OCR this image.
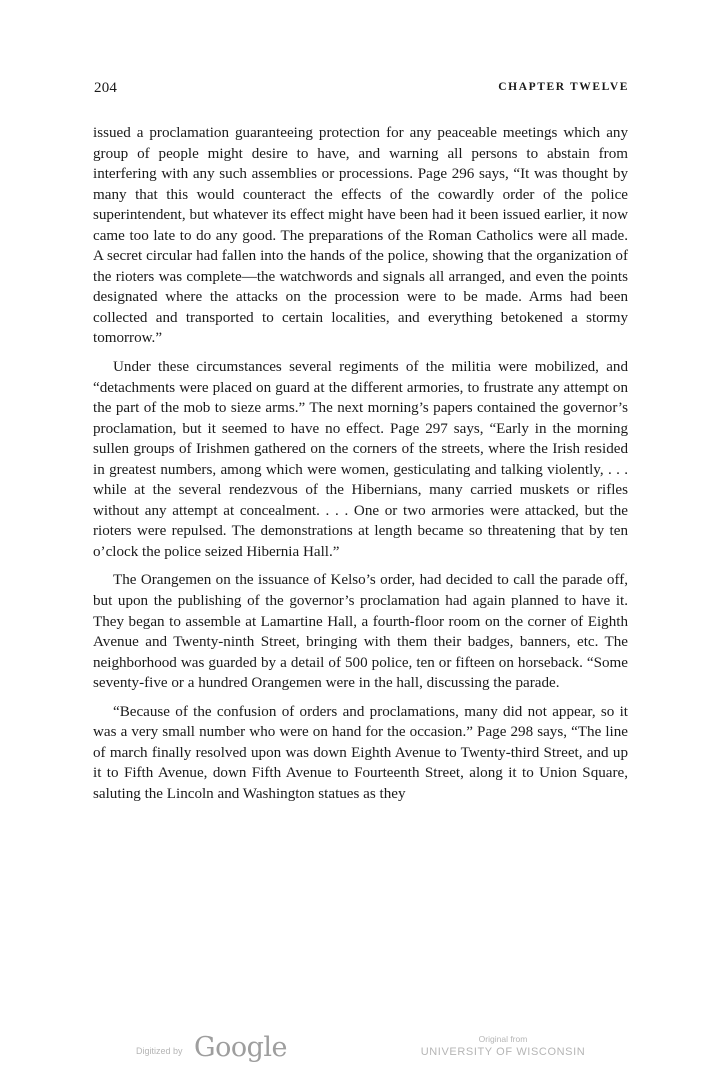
204	CHAPTER TWELVE

issued a proclamation guaranteeing protection for any peaceable meetings which any group of people might desire to have, and warning all persons to abstain from interfering with any such assemblies or processions. Page 296 says, “It was thought by many that this would counteract the effects of the cowardly order of the police superintendent, but whatever its effect might have been had it been issued earlier, it now came too late to do any good. The preparations of the Roman Catholics were all made. A secret circular had fallen into the hands of the police, showing that the organization of the rioters was complete—the watchwords and signals all arranged, and even the points designated where the attacks on the procession were to be made. Arms had been collected and transported to certain localities, and everything betokened a stormy tomorrow.”

Under these circumstances several regiments of the militia were mobilized, and “detachments were placed on guard at the different armories, to frustrate any attempt on the part of the mob to sieze arms.” The next morning’s papers contained the governor’s proclamation, but it seemed to have no effect. Page 297 says, “Early in the morning sullen groups of Irishmen gathered on the corners of the streets, where the Irish resided in greatest numbers, among which were women, gesticulating and talking violently, . . . while at the several rendezvous of the Hibernians, many carried muskets or rifles without any attempt at concealment. . . . One or two armories were attacked, but the rioters were repulsed. The demonstrations at length became so threatening that by ten o’clock the police seized Hibernia Hall.”

The Orangemen on the issuance of Kelso’s order, had decided to call the parade off, but upon the publishing of the governor’s proclamation had again planned to have it. They began to assemble at Lamartine Hall, a fourth-floor room on the corner of Eighth Avenue and Twenty-ninth Street, bringing with them their badges, banners, etc. The neighborhood was guarded by a detail of 500 police, ten or fifteen on horseback. “Some seventy-five or a hundred Orangemen were in the hall, discussing the parade.

“Because of the confusion of orders and proclamations, many did not appear, so it was a very small number who were on hand for the occasion.” Page 298 says, “The line of march finally resolved upon was down Eighth Avenue to Twenty-third Street, and up it to Fifth Avenue, down Fifth Avenue to Fourteenth Street, along it to Union Square, saluting the Lincoln and Washington statues as they

Digitized by Google	Original from
UNIVERSITY OF WISCONSIN
